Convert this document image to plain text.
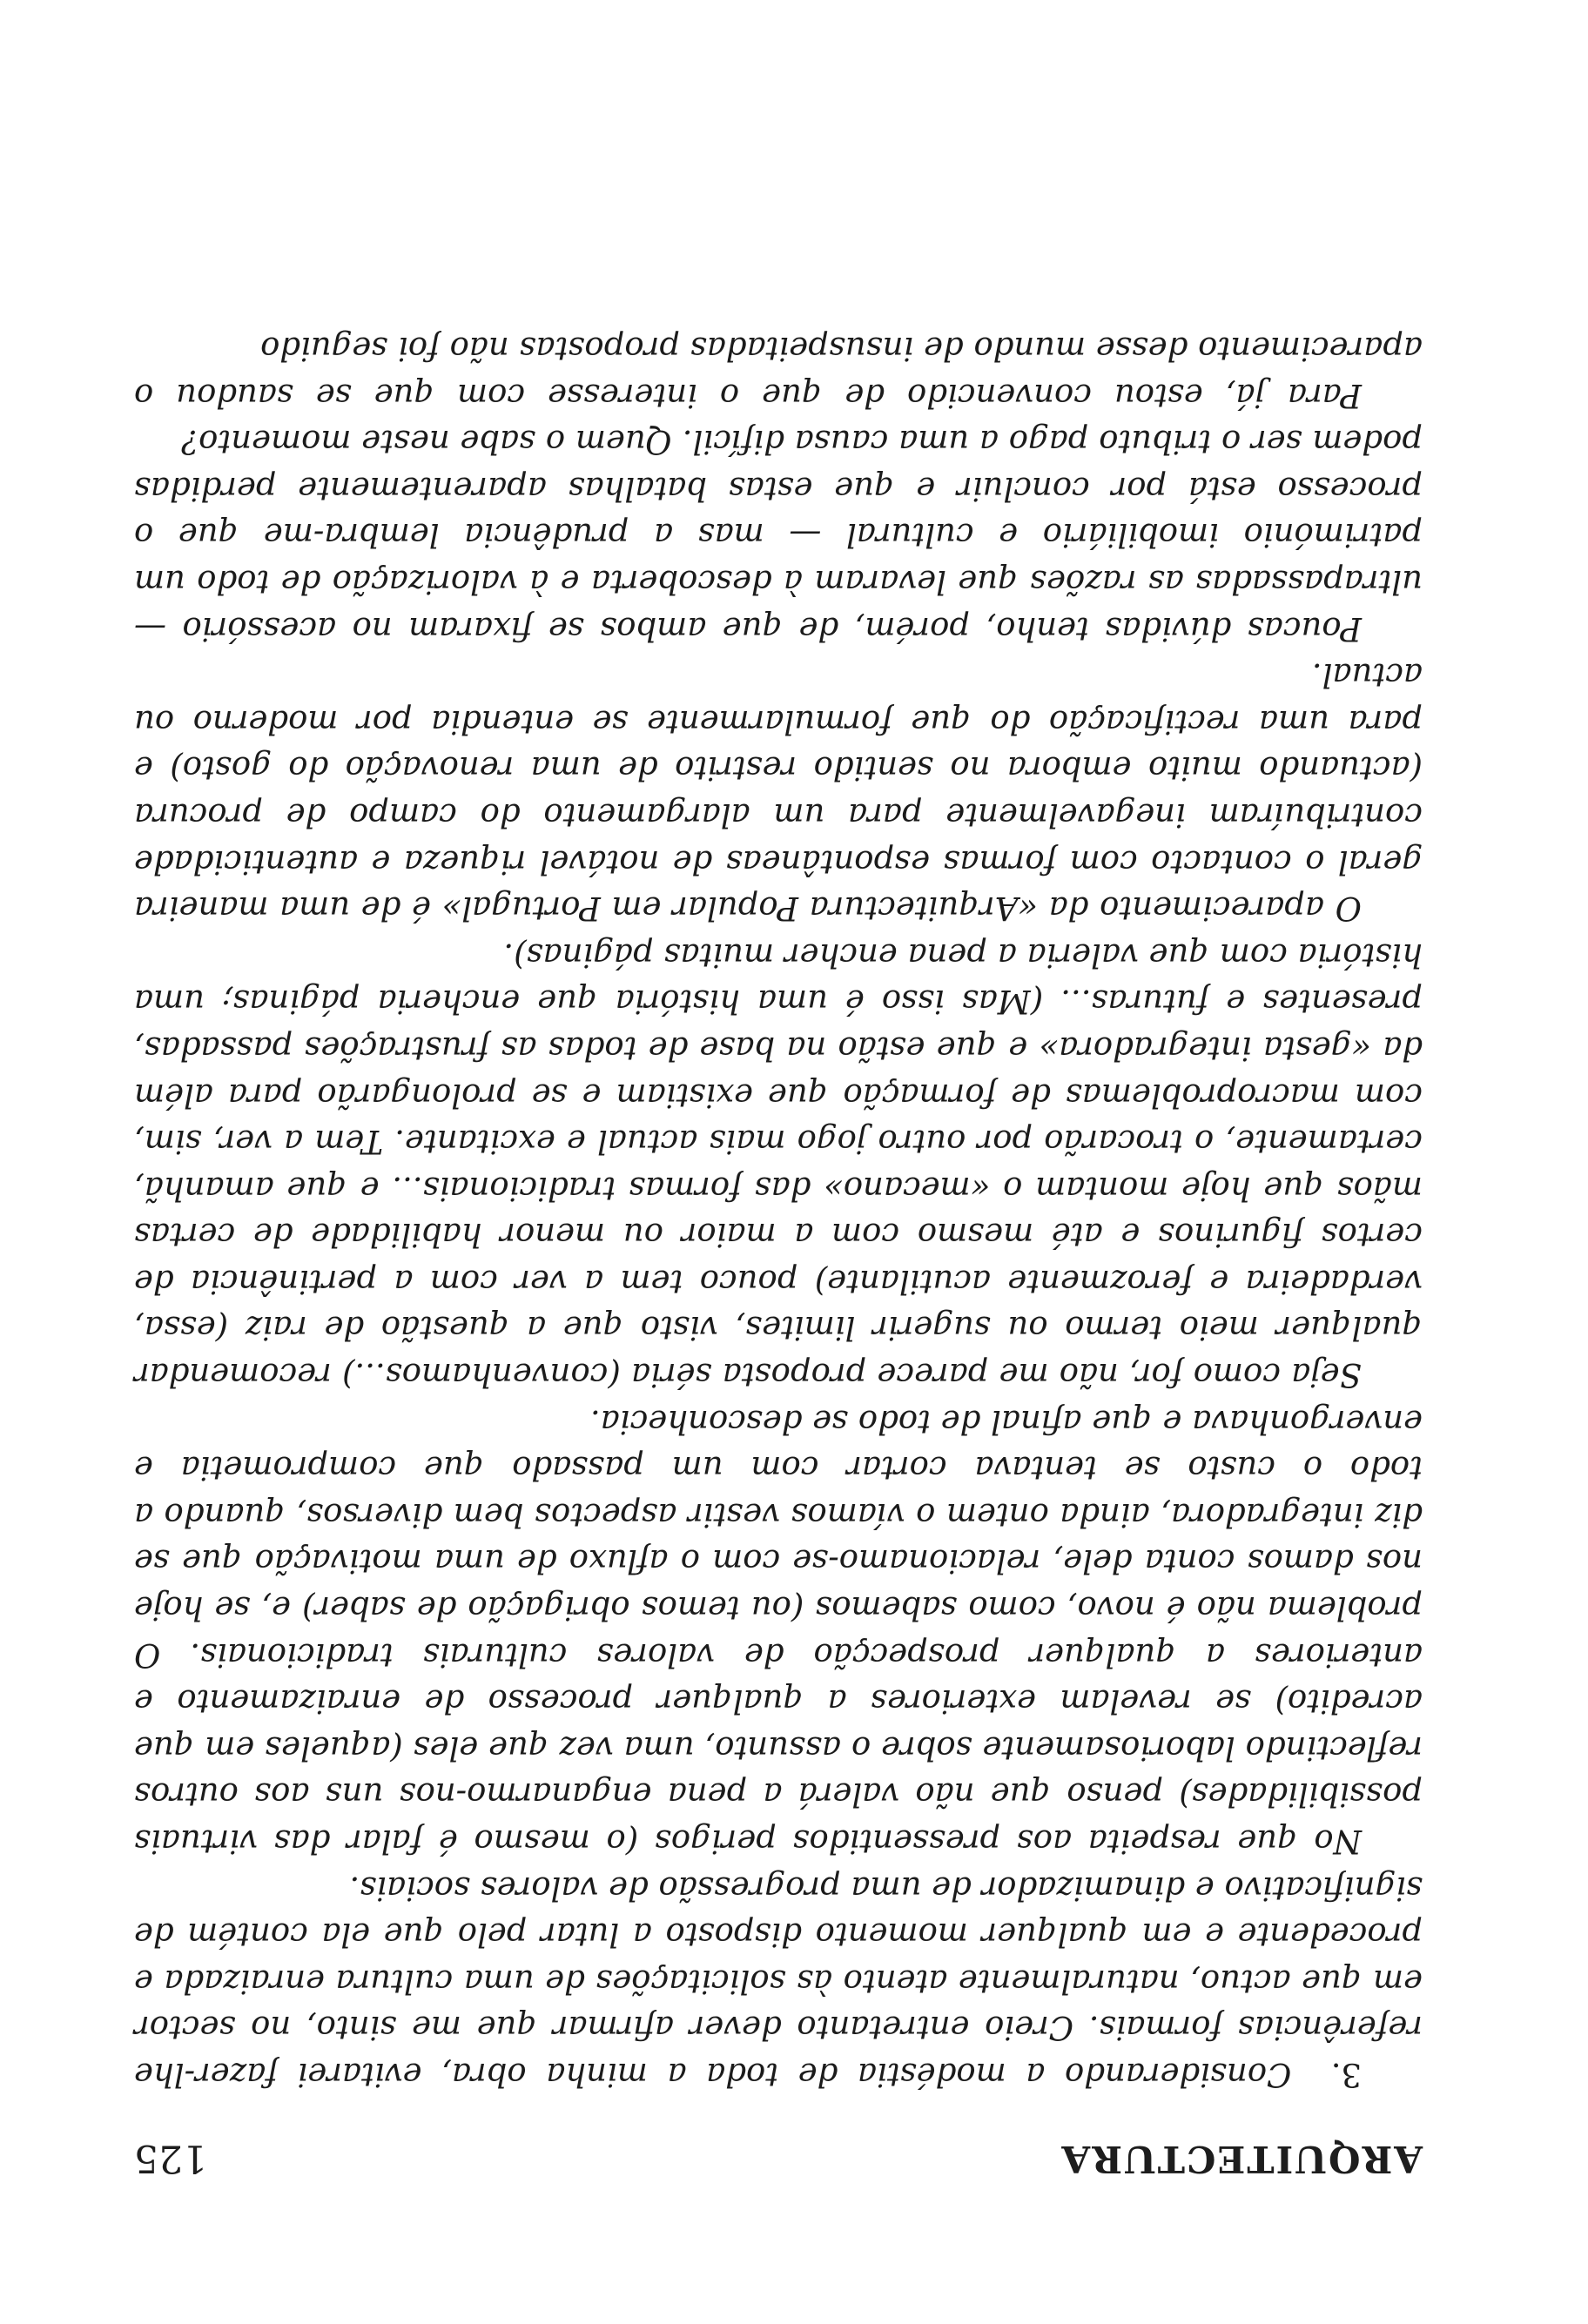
ARQUITECTURA
125

3.  Considerando a modéstia de toda a minha obra, evitarei fazer-lhe referências formais. Creio entretanto dever afirmar que me sinto, no sector em que actuo, naturalmente atento às solicitações de uma cultura enraizada e procedente e em qualquer momento disposto a lutar pelo que ela contém de significativo e dinamizador de uma progressão de valores sociais.

No que respeita aos pressentidos perigos (o mesmo é falar das virtuais possibilidades) penso que não valerá a pena enganarmo-nos uns aos outros reflectindo laboriosamente sobre o assunto, uma vez que eles (aqueles em que acredito) se revelam exteriores a qualquer processo de enraizamento e anteriores a qualquer prospecção de valores culturais tradicionais. O problema não é novo, como sabemos (ou temos obrigação de saber) e, se hoje nos damos conta dele, relacionamo-se com o afluxo de uma motivação que se diz integradora, ainda ontem o víamos vestir aspectos bem diversos, quando a todo o custo se tentava cortar com um passado que comprometia e envergonhava e que afinal de todo se desconhecia.

Seja como for, não me parece proposta séria (convenhamos...) recomendar qualquer meio termo ou sugerir limites, visto que a questão de raiz (essa, verdadeira e ferozmente acutilante) pouco tem a ver com a pertinência de certos figurinos e até mesmo com a maior ou menor habilidade de certas mãos que hoje montam o «mecano» das formas tradicionais... e que amanhã, certamente, o trocarão por outro jogo mais actual e excitante. Tem a ver, sim, com macroproblemas de formação que existiam e se prolongarão para além da «gesta integradora» e que estão na base de todas as frustrações passadas, presentes e futuras... (Mas isso é uma história que encheria páginas; uma história com que valeria a pena encher muitas páginas).

O aparecimento da «Arquitectura Popular em Portugal» é de uma maneira geral o contacto com formas espontâneas de notável riqueza e autenticidade contribuíram inegavelmente para um alargamento do campo de procura (actuando muito embora no sentido restrito de uma renovação do gosto) e para uma rectificação do que formularmente se entendia por moderno ou actual.

Poucas dúvidas tenho, porém, de que ambos se fixaram no acessório — ultrapassadas as razões que levaram à descoberta e à valorização de todo um património imobiliário e cultural — mas a prudência lembra-me que o processo está por concluir e que estas batalhas aparentemente perdidas podem ser o tributo pago a uma causa difícil. Quem o sabe neste momento?

Para já, estou convencido de que o interesse com que se saudou o aparecimento desse mundo de insuspeitadas propostas não foi seguido
